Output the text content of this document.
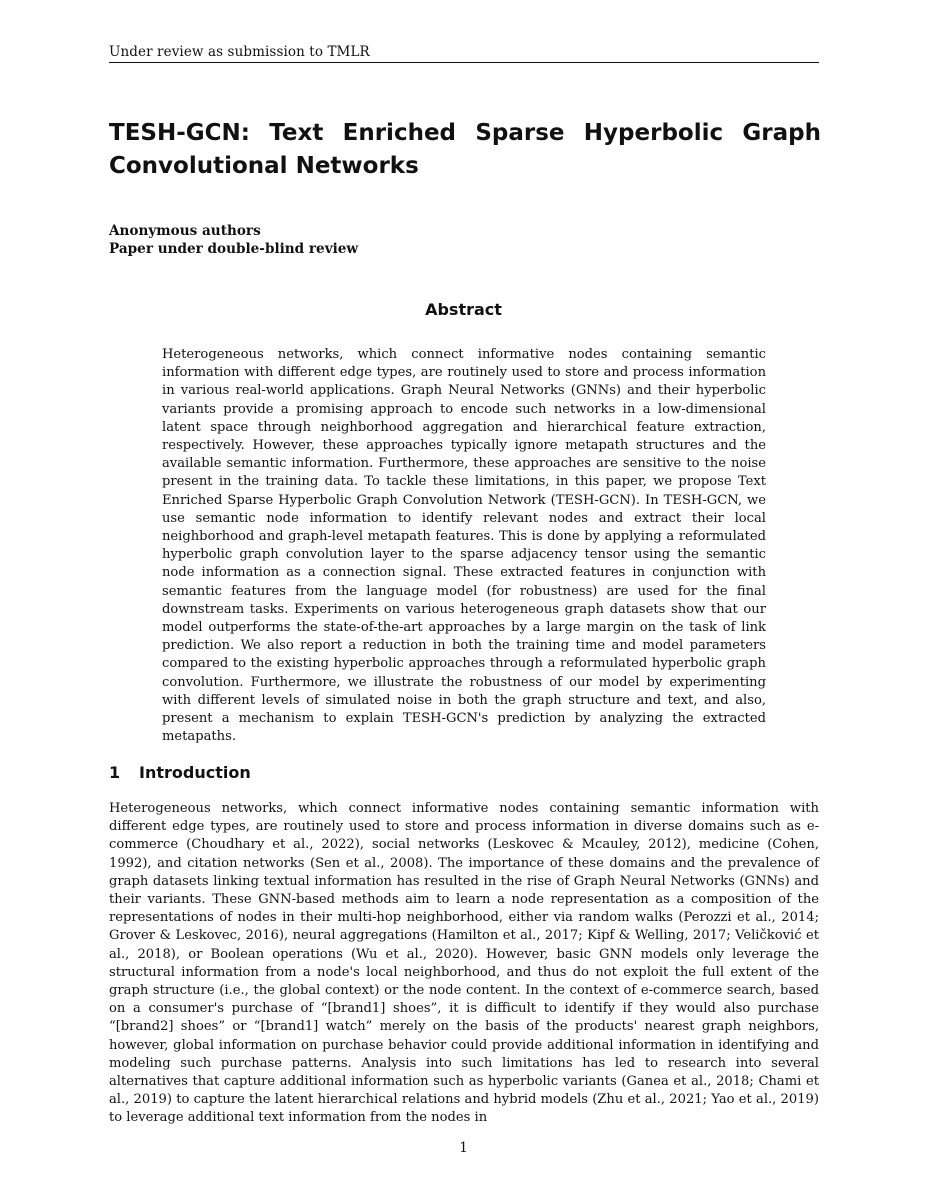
Under review as submission to TMLR
TESH-GCN: Text Enriched Sparse Hyperbolic Graph Convolutional Networks
Anonymous authors
Paper under double-blind review
Abstract

Heterogeneous networks, which connect informative nodes containing semantic information with different edge types, are routinely used to store and process information in various real-world applications. Graph Neural Networks (GNNs) and their hyperbolic variants provide a promising approach to encode such networks in a low-dimensional latent space through neighborhood aggregation and hierarchical feature extraction, respectively. However, these approaches typically ignore metapath structures and the available semantic information. Furthermore, these approaches are sensitive to the noise present in the training data. To tackle these limitations, in this paper, we propose Text Enriched Sparse Hyperbolic Graph Convolution Network (TESH-GCN). In TESH-GCN, we use semantic node information to identify relevant nodes and extract their local neighborhood and graph-level metapath features. This is done by applying a reformulated hyperbolic graph convolution layer to the sparse adjacency tensor using the semantic node information as a connection signal. These extracted features in conjunction with semantic features from the language model (for robustness) are used for the final downstream tasks. Experiments on various heterogeneous graph datasets show that our model outperforms the state-of-the-art approaches by a large margin on the task of link prediction. We also report a reduction in both the training time and model parameters compared to the existing hyperbolic approaches through a reformulated hyperbolic graph convolution. Furthermore, we illustrate the robustness of our model by experimenting with different levels of simulated noise in both the graph structure and text, and also, present a mechanism to explain TESH-GCN's prediction by analyzing the extracted metapaths.

1 Introduction

Heterogeneous networks, which connect informative nodes containing semantic information with different edge types, are routinely used to store and process information in diverse domains such as e-commerce (Choudhary et al., 2022), social networks (Leskovec & Mcauley, 2012), medicine (Cohen, 1992), and citation networks (Sen et al., 2008). The importance of these domains and the prevalence of graph datasets linking textual information has resulted in the rise of Graph Neural Networks (GNNs) and their variants. These GNN-based methods aim to learn a node representation as a composition of the representations of nodes in their multi-hop neighborhood, either via random walks (Perozzi et al., 2014; Grover & Leskovec, 2016), neural aggregations (Hamilton et al., 2017; Kipf & Welling, 2017; Veličković et al., 2018), or Boolean operations (Wu et al., 2020). However, basic GNN models only leverage the structural information from a node's local neighborhood, and thus do not exploit the full extent of the graph structure (i.e., the global context) or the node content. In the context of e-commerce search, based on a consumer's purchase of “[brand1] shoes”, it is difficult to identify if they would also purchase “[brand2] shoes” or “[brand1] watch” merely on the basis of the products' nearest graph neighbors, however, global information on purchase behavior could provide additional information in identifying and modeling such purchase patterns. Analysis into such limitations has led to research into several alternatives that capture additional information such as hyperbolic variants (Ganea et al., 2018; Chami et al., 2019) to capture the latent hierarchical relations and hybrid models (Zhu et al., 2021; Yao et al., 2019) to leverage additional text information from the nodes in

1
